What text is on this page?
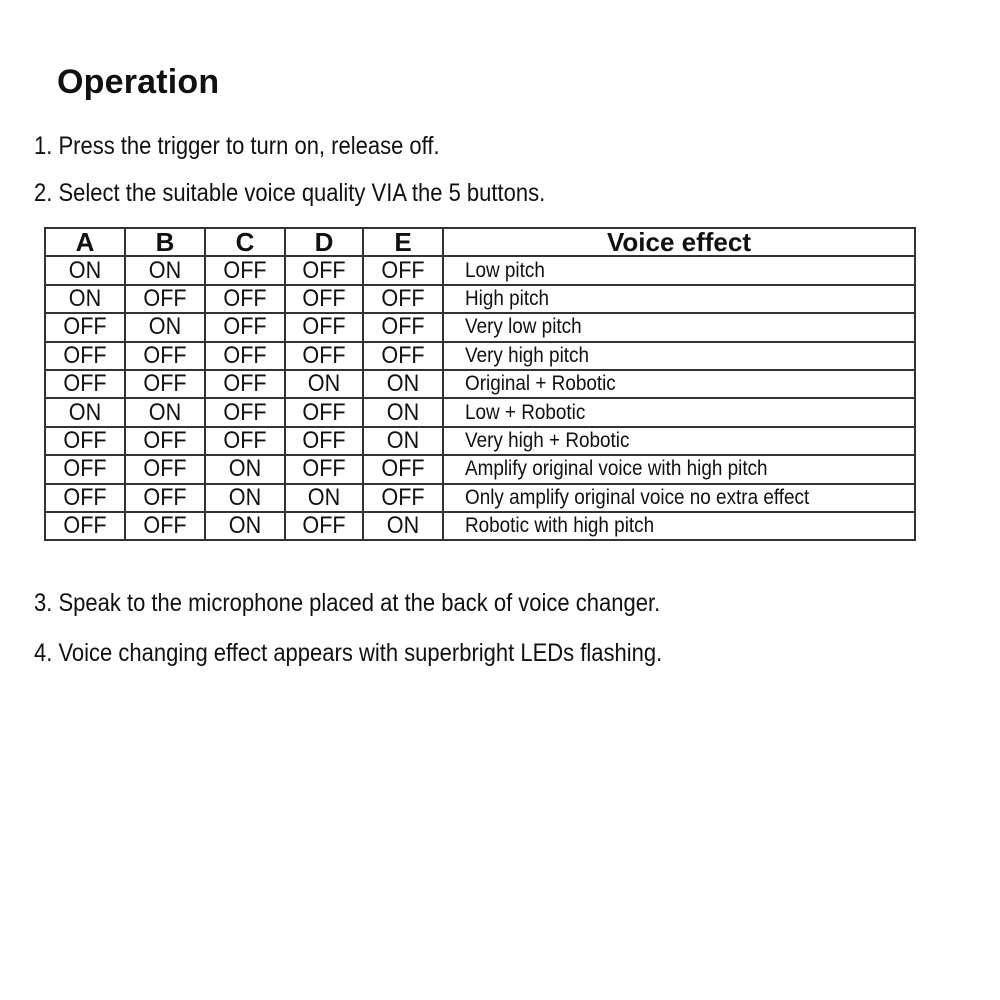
Operation

1. Press the trigger to turn on, release off.

2. Select the suitable voice quality VIA the 5 buttons.

A	B	C	D	E	Voice effect
ON	ON	OFF	OFF	OFF	Low pitch
ON	OFF	OFF	OFF	OFF	High pitch
OFF	ON	OFF	OFF	OFF	Very low pitch
OFF	OFF	OFF	OFF	OFF	Very high pitch
OFF	OFF	OFF	ON	ON	Original + Robotic
ON	ON	OFF	OFF	ON	Low + Robotic
OFF	OFF	OFF	OFF	ON	Very high + Robotic
OFF	OFF	ON	OFF	OFF	Amplify original voice with high pitch
OFF	OFF	ON	ON	OFF	Only amplify original voice no extra effect
OFF	OFF	ON	OFF	ON	Robotic with high pitch

3. Speak to the microphone placed at the back of voice changer.

4. Voice changing effect appears with superbright LEDs flashing.
